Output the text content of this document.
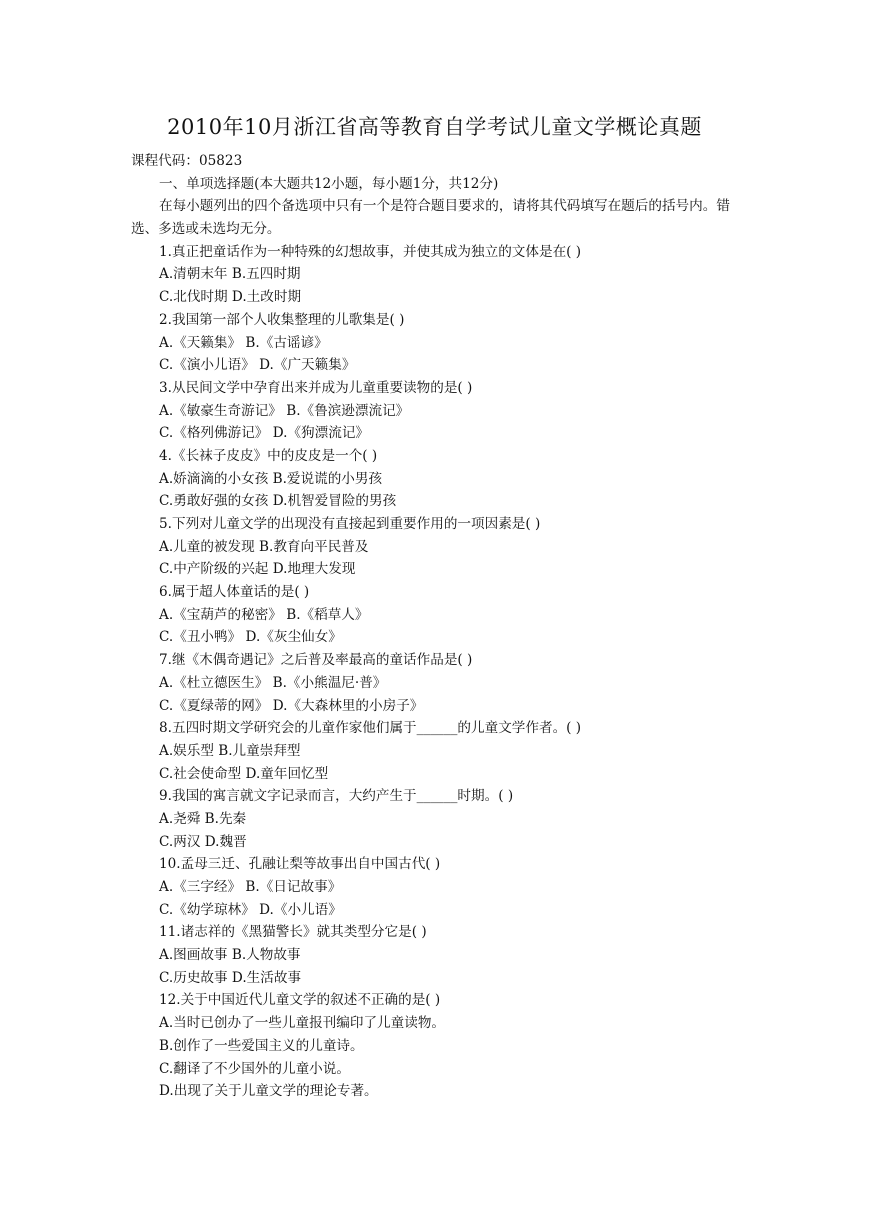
2010年10月浙江省高等教育自学考试儿童文学概论真题
课程代码：05823
一、单项选择题(本大题共12小题，每小题1分，共12分)
在每小题列出的四个备选项中只有一个是符合题目要求的，请将其代码填写在题后的括号内。错选、多选或未选均无分。
1.真正把童话作为一种特殊的幻想故事，并使其成为独立的文体是在( )
A.清朝末年 B.五四时期
C.北伐时期 D.土改时期
2.我国第一部个人收集整理的儿歌集是( )
A.《天籁集》 B.《古谣谚》
C.《演小儿语》 D.《广天籁集》
3.从民间文学中孕育出来并成为儿童重要读物的是( )
A.《敏豪生奇游记》 B.《鲁滨逊漂流记》
C.《格列佛游记》 D.《狗漂流记》
4.《长袜子皮皮》中的皮皮是一个( )
A.娇滴滴的小女孩 B.爱说谎的小男孩
C.勇敢好强的女孩 D.机智爱冒险的男孩
5.下列对儿童文学的出现没有直接起到重要作用的一项因素是( )
A.儿童的被发现 B.教育向平民普及
C.中产阶级的兴起 D.地理大发现
6.属于超人体童话的是( )
A.《宝葫芦的秘密》 B.《稻草人》
C.《丑小鸭》 D.《灰尘仙女》
7.继《木偶奇遇记》之后普及率最高的童话作品是( )
A.《杜立德医生》 B.《小熊温尼·普》
C.《夏绿蒂的网》 D.《大森林里的小房子》
8.五四时期文学研究会的儿童作家他们属于______的儿童文学作者。( )
A.娱乐型 B.儿童崇拜型
C.社会使命型 D.童年回忆型
9.我国的寓言就文字记录而言，大约产生于______时期。( )
A.尧舜 B.先秦
C.两汉 D.魏晋
10.孟母三迁、孔融让梨等故事出自中国古代( )
A.《三字经》 B.《日记故事》
C.《幼学琼林》 D.《小儿语》
11.诸志祥的《黑猫警长》就其类型分它是( )
A.图画故事 B.人物故事
C.历史故事 D.生活故事
12.关于中国近代儿童文学的叙述不正确的是( )
A.当时已创办了一些儿童报刊编印了儿童读物。
B.创作了一些爱国主义的儿童诗。
C.翻译了不少国外的儿童小说。
D.出现了关于儿童文学的理论专著。
